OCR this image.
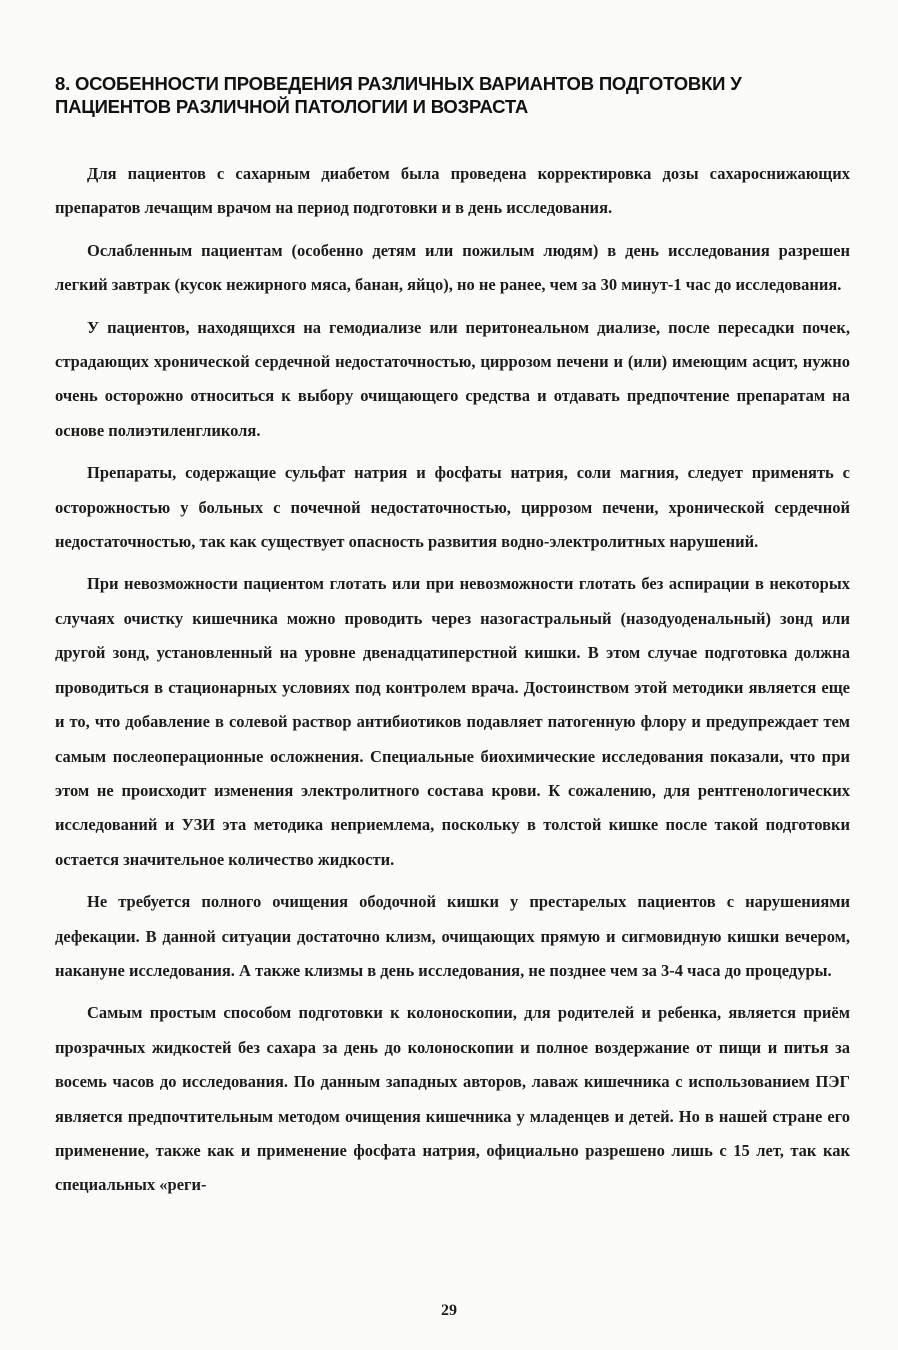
8. ОСОБЕННОСТИ ПРОВЕДЕНИЯ РАЗЛИЧНЫХ ВАРИАНТОВ ПОДГОТОВКИ У ПАЦИЕНТОВ РАЗЛИЧНОЙ ПАТОЛОГИИ И ВОЗРАСТА

Для пациентов с сахарным диабетом была проведена корректировка дозы сахароснижающих препаратов лечащим врачом на период подготовки и в день исследования.

Ослабленным пациентам (особенно детям или пожилым людям) в день исследования разрешен легкий завтрак (кусок нежирного мяса, банан, яйцо), но не ранее, чем за 30 минут-1 час до исследования.

У пациентов, находящихся на гемодиализе или перитонеальном диализе, после пересадки почек, страдающих хронической сердечной недостаточностью, циррозом печени и (или) имеющим асцит, нужно очень осторожно относиться к выбору очищающего средства и отдавать предпочтение препаратам на основе полиэтиленгликоля.

Препараты, содержащие сульфат натрия и фосфаты натрия, соли магния, следует применять с осторожностью у больных с почечной недостаточностью, циррозом печени, хронической сердечной недостаточностью, так как существует опасность развития водно-электролитных нарушений.

При невозможности пациентом глотать или при невозможности глотать без аспирации в некоторых случаях очистку кишечника можно проводить через назогастральный (назодуоденальный) зонд или другой зонд, установленный на уровне двенадцатиперстной кишки. В этом случае подготовка должна проводиться в стационарных условиях под контролем врача. Достоинством этой методики является еще и то, что добавление в солевой раствор антибиотиков подавляет патогенную флору и предупреждает тем самым послеоперационные осложнения. Специальные биохимические исследования показали, что при этом не происходит изменения электролитного состава крови. К сожалению, для рентгенологических исследований и УЗИ эта методика неприемлема, поскольку в толстой кишке после такой подготовки остается значительное количество жидкости.

Не требуется полного очищения ободочной кишки у престарелых пациентов с нарушениями дефекации. В данной ситуации достаточно клизм, очищающих прямую и сигмовидную кишки вечером, накануне исследования. А также клизмы в день исследования, не позднее чем за 3-4 часа до процедуры.

Самым простым способом подготовки к колоноскопии, для родителей и ребенка, является приём прозрачных жидкостей без сахара за день до колоноскопии и полное воздержание от пищи и питья за восемь часов до исследования. По данным западных авторов, лаваж кишечника с использованием ПЭГ является предпочтительным методом очищения кишечника у младенцев и детей. Но в нашей стране его применение, также как и применение фосфата натрия, официально разрешено лишь с 15 лет, так как специальных «реги-

29
